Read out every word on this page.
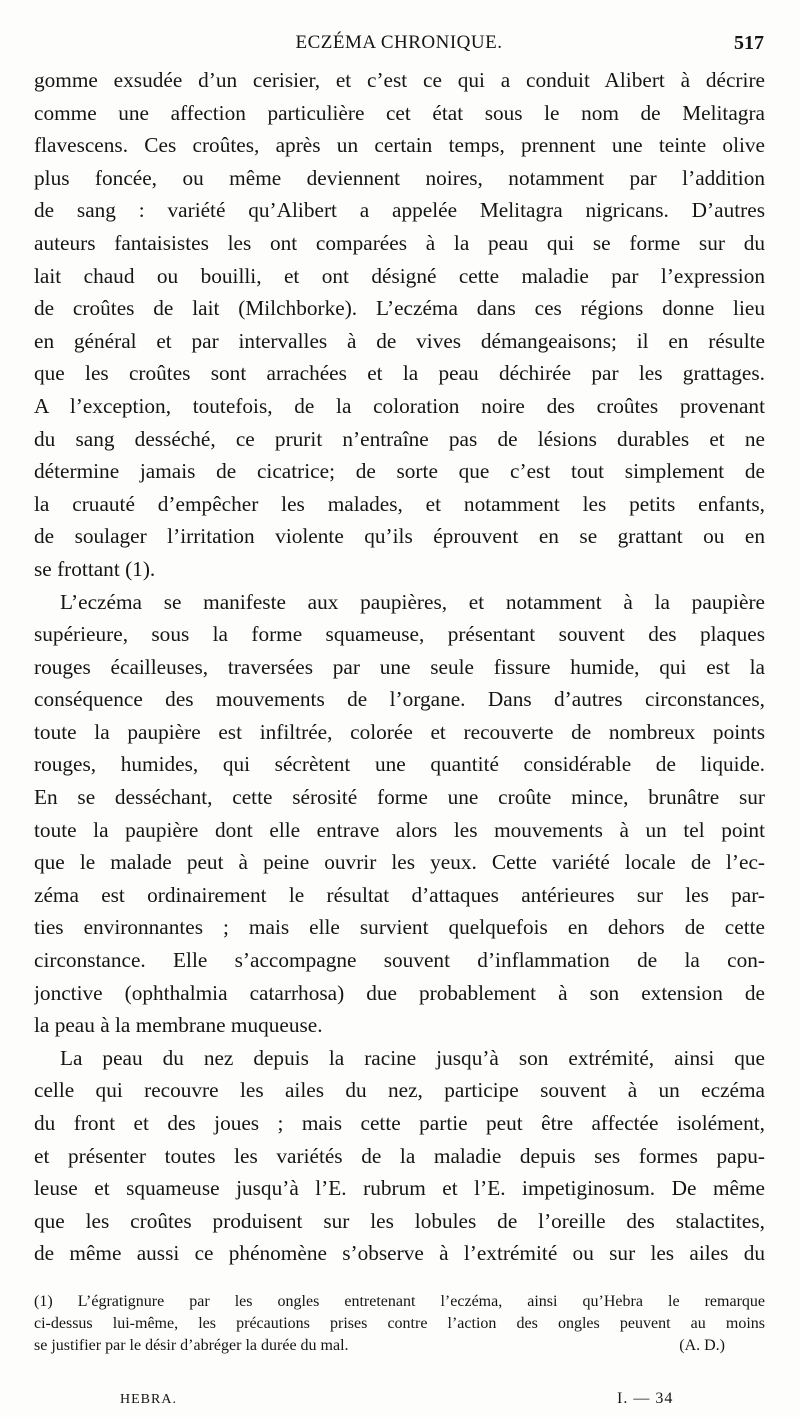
ECZÉMA CHRONIQUE.	517
gomme exsudée d’un cerisier, et c’est ce qui a conduit Alibert à décrire
comme une affection particulière cet état sous le nom de Melitagra
flavescens. Ces croûtes, après un certain temps, prennent une teinte olive
plus foncée, ou même deviennent noires, notamment par l’addition
de sang : variété qu’Alibert a appelée Melitagra nigricans. D’autres
auteurs fantaisistes les ont comparées à la peau qui se forme sur du
lait chaud ou bouilli, et ont désigné cette maladie par l’expression
de croûtes de lait (Milchborke). L’eczéma dans ces régions donne lieu
en général et par intervalles à de vives démangeaisons; il en résulte
que les croûtes sont arrachées et la peau déchirée par les grattages.
A l’exception, toutefois, de la coloration noire des croûtes provenant
du sang desséché, ce prurit n’entraîne pas de lésions durables et ne
détermine jamais de cicatrice; de sorte que c’est tout simplement de
la cruauté d’empêcher les malades, et notamment les petits enfants,
de soulager l’irritation violente qu’ils éprouvent en se grattant ou en
se frottant (1).
L’eczéma se manifeste aux paupières, et notamment à la paupière
supérieure, sous la forme squameuse, présentant souvent des plaques
rouges écailleuses, traversées par une seule fissure humide, qui est la
conséquence des mouvements de l’organe. Dans d’autres circonstances,
toute la paupière est infiltrée, colorée et recouverte de nombreux points
rouges, humides, qui sécrètent une quantité considérable de liquide.
En se desséchant, cette sérosité forme une croûte mince, brunâtre sur
toute la paupière dont elle entrave alors les mouvements à un tel point
que le malade peut à peine ouvrir les yeux. Cette variété locale de l’ec-
zéma est ordinairement le résultat d’attaques antérieures sur les par-
ties environnantes ; mais elle survient quelquefois en dehors de cette
circonstance. Elle s’accompagne souvent d’inflammation de la con-
jonctive (ophthalmia catarrhosa) due probablement à son extension de
la peau à la membrane muqueuse.
La peau du nez depuis la racine jusqu’à son extrémité, ainsi que
celle qui recouvre les ailes du nez, participe souvent à un eczéma
du front et des joues ; mais cette partie peut être affectée isolément,
et présenter toutes les variétés de la maladie depuis ses formes papu-
leuse et squameuse jusqu’à l’E. rubrum et l’E. impetiginosum. De même
que les croûtes produisent sur les lobules de l’oreille des stalactites,
de même aussi ce phénomène s’observe à l’extrémité ou sur les ailes du
(1) L’égratignure par les ongles entretenant l’eczéma, ainsi qu’Hebra le remarque
ci-dessus lui-même, les précautions prises contre l’action des ongles peuvent au moins
se justifier par le désir d’abréger la durée du mal.	(A. D.)
HEBRA.	I. — 34
